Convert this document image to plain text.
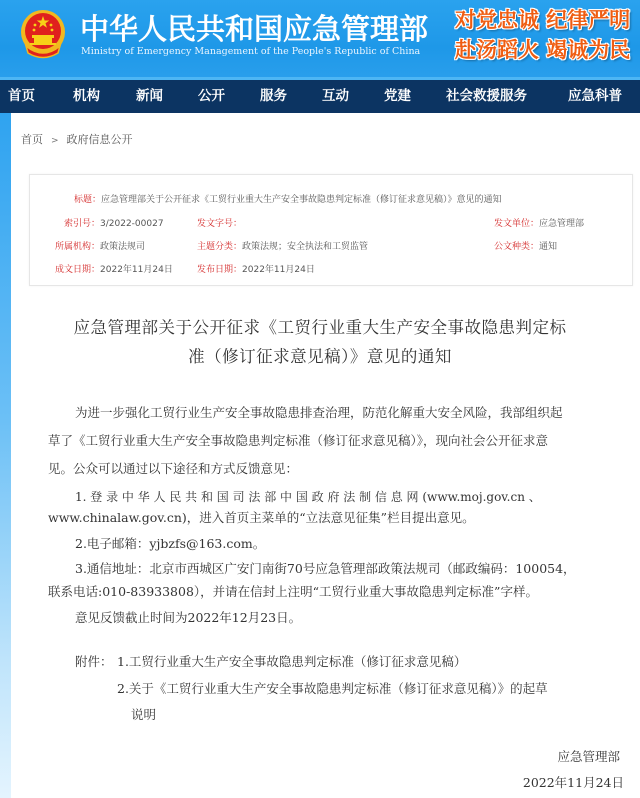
中华人民共和国应急管理部
Ministry of Emergency Management of the People's Republic of China
对党忠诚 纪律严明
赴汤蹈火 竭诚为民
首页	机构	新闻	公开	服务	互动	党建	社会救援服务	应急科普
首页 > 政府信息公开
标题：应急管理部关于公开征求《工贸行业重大生产安全事故隐患判定标准（修订征求意见稿）》意见的通知
索引号：3/2022-00027	发文字号：	发文单位：应急管理部
所属机构：政策法规司	主题分类：政策法规；安全执法和工贸监管	公文种类：通知
成文日期：2022年11月24日	发布日期：2022年11月24日
应急管理部关于公开征求《工贸行业重大生产安全事故隐患判定标
准（修订征求意见稿）》意见的通知
为进一步强化工贸行业生产安全事故隐患排查治理，防范化解重大安全风险，我部组织起
草了《工贸行业重大生产安全事故隐患判定标准（修订征求意见稿）》，现向社会公开征求意
见。公众可以通过以下途径和方式反馈意见：
1. 登 录 中 华 人 民 共 和 国 司 法 部 中 国 政 府 法 制 信 息 网 (www.moj.gov.cn 、
www.chinalaw.gov.cn)，进入首页主菜单的“立法意见征集”栏目提出意见。
2.电子邮箱：yjbzfs@163.com。
3.通信地址：北京市西城区广安门南街70号应急管理部政策法规司（邮政编码：100054，
联系电话:010-83933808），并请在信封上注明“工贸行业重大事故隐患判定标准”字样。
意见反馈截止时间为2022年12月23日。
附件： 1.工贸行业重大生产安全事故隐患判定标准（修订征求意见稿）
2.关于《工贸行业重大生产安全事故隐患判定标准（修订征求意见稿）》的起草
说明
应急管理部
2022年11月24日
